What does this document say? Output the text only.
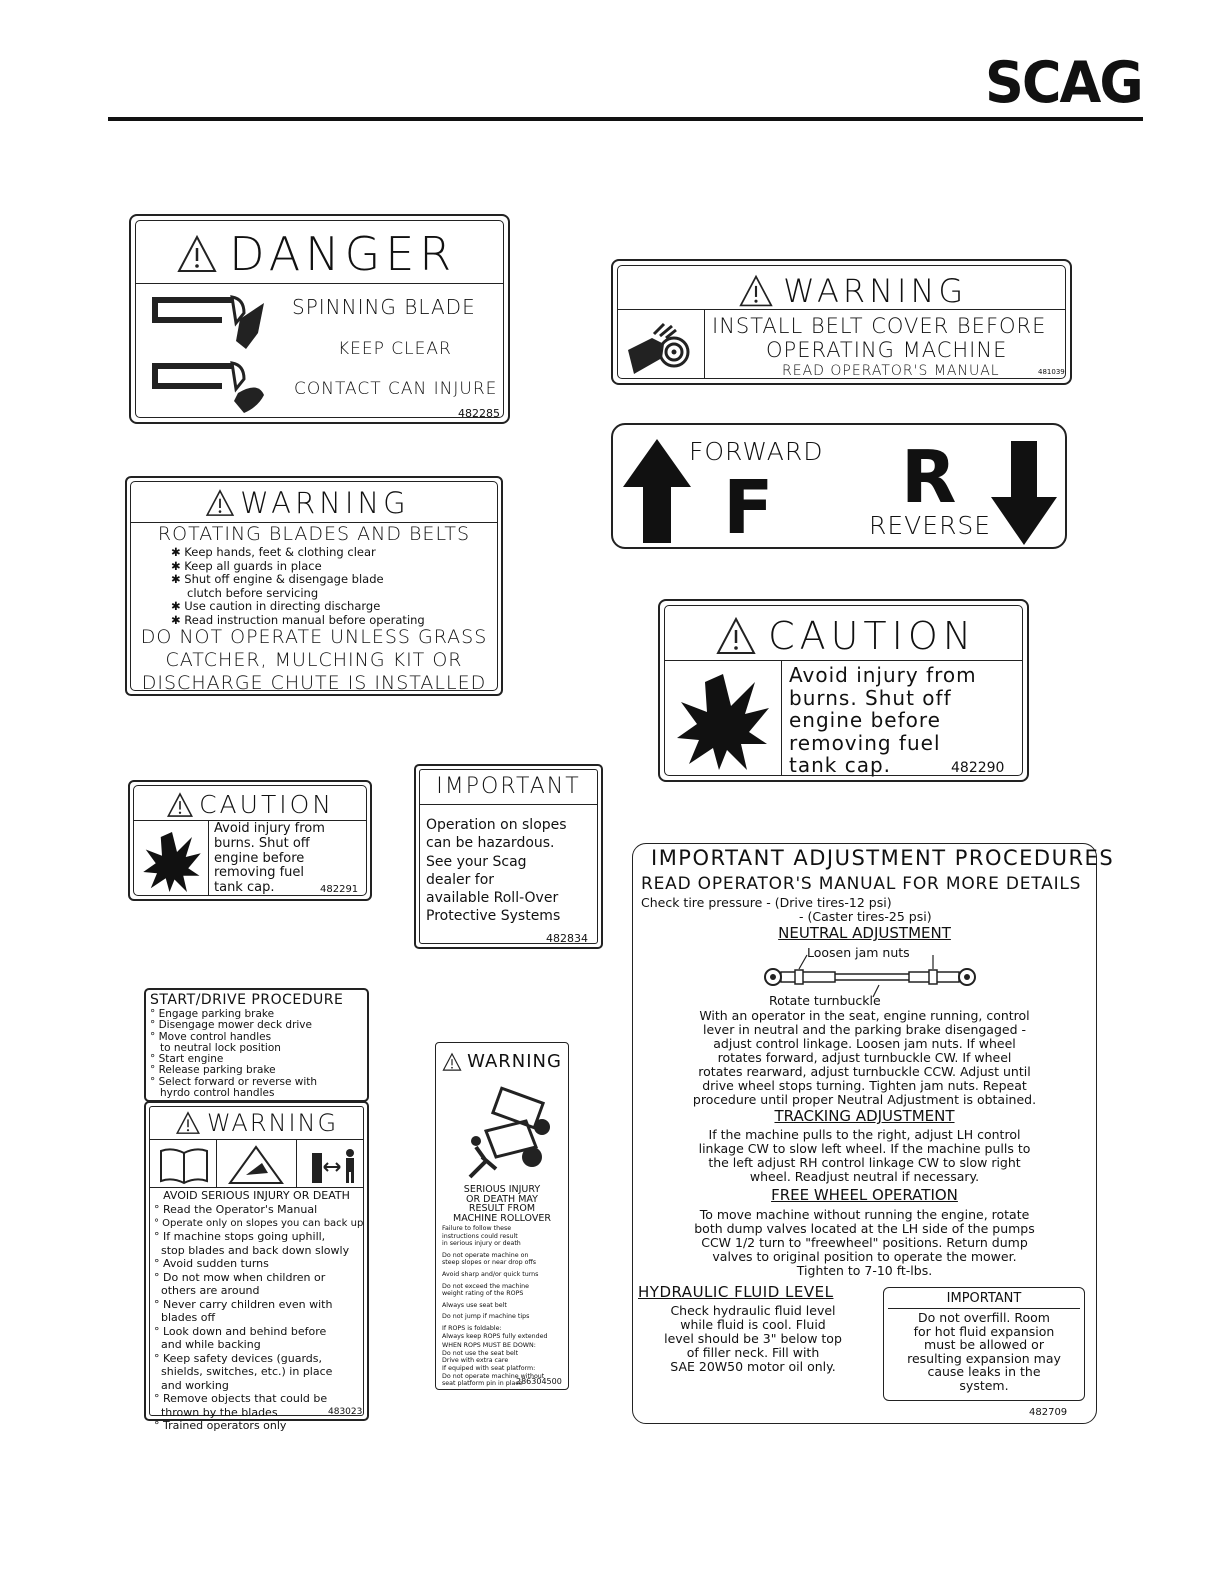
SCAG
DANGER
SPINNING BLADE
KEEP CLEAR
CONTACT CAN INJURE
482285
WARNING
INSTALL BELT COVER BEFORE
OPERATING MACHINE
READ OPERATOR'S MANUAL	481039
FORWARD
F R
REVERSE
WARNING
ROTATING BLADES AND BELTS
✱ Keep hands, feet & clothing clear
✱ Keep all guards in place
✱ Shut off engine & disengage blade
clutch before servicing
✱ Use caution in directing discharge
✱ Read instruction manual before operating
DO NOT OPERATE UNLESS GRASS
CATCHER, MULCHING KIT OR
DISCHARGE CHUTE IS INSTALLED
CAUTION
Avoid injury from
burns. Shut off
engine before
removing fuel
tank cap.	482290
CAUTION
Avoid injury from
burns. Shut off
engine before
removing fuel
tank cap.	482291
IMPORTANT
Operation on slopes
can be hazardous.
See your Scag
dealer for
available Roll-Over
Protective Systems
482834
START/DRIVE PROCEDURE
° Engage parking brake
° Disengage mower deck drive
° Move control handles
to neutral lock position
° Start engine
° Release parking brake
° Select forward or reverse with
hyrdo control handles
WARNING
AVOID SERIOUS INJURY OR DEATH
° Read the Operator's Manual
° Operate only on slopes you can back up
° If machine stops going uphill,
stop blades and back down slowly
° Avoid sudden turns
° Do not mow when children or
others are around
° Never carry children even with
blades off
° Look down and behind before
and while backing
° Keep safety devices (guards,
shields, switches, etc.) in place
and working
° Remove objects that could be
thrown by the blades
° Trained operators only
483023
WARNING
SERIOUS INJURY
OR DEATH MAY
RESULT FROM
MACHINE ROLLOVER
Failure to follow these
instructions could result
in serious injury or death
Do not operate machine on
steep slopes or near drop offs
Avoid sharp and/or quick turns
Do not exceed the machine
weight rating of the ROPS
Always use seat belt
Do not jump if machine tips
If ROPS is foldable:
Always keep ROPS fully extended
WHEN ROPS MUST BE DOWN:
Do not use the seat belt
Drive with extra care
If equiped with seat platform:
Do not operate machine without
seat platform pin in place
286304500
IMPORTANT ADJUSTMENT PROCEDURES
READ OPERATOR'S MANUAL FOR MORE DETAILS
Check tire pressure - (Drive tires-12 psi)
- (Caster tires-25 psi)
NEUTRAL ADJUSTMENT
Loosen jam nuts
Rotate turnbuckle
With an operator in the seat, engine running, control
lever in neutral and the parking brake disengaged -
adjust control linkage. Loosen jam nuts. If wheel
rotates forward, adjust turnbuckle CW. If wheel
rotates rearward, adjust turnbuckle CCW. Adjust until
drive wheel stops turning. Tighten jam nuts. Repeat
procedure until proper Neutral Adjustment is obtained.
TRACKING ADJUSTMENT
If the machine pulls to the right, adjust LH control
linkage CW to slow left wheel. If the machine pulls to
the left adjust RH control linkage CW to slow right
wheel. Readjust neutral if necessary.
FREE WHEEL OPERATION
To move machine without running the engine, rotate
both dump valves located at the LH side of the pumps
CCW 1/2 turn to "freewheel" positions. Return dump
valves to original position to operate the mower.
Tighten to 7-10 ft-lbs.
HYDRAULIC FLUID LEVEL
Check hydraulic fluid level
while fluid is cool. Fluid
level should be 3" below top
of filler neck. Fill with
SAE 20W50 motor oil only.
IMPORTANT
Do not overfill. Room
for hot fluid expansion
must be allowed or
resulting expansion may
cause leaks in the
system.
482709
